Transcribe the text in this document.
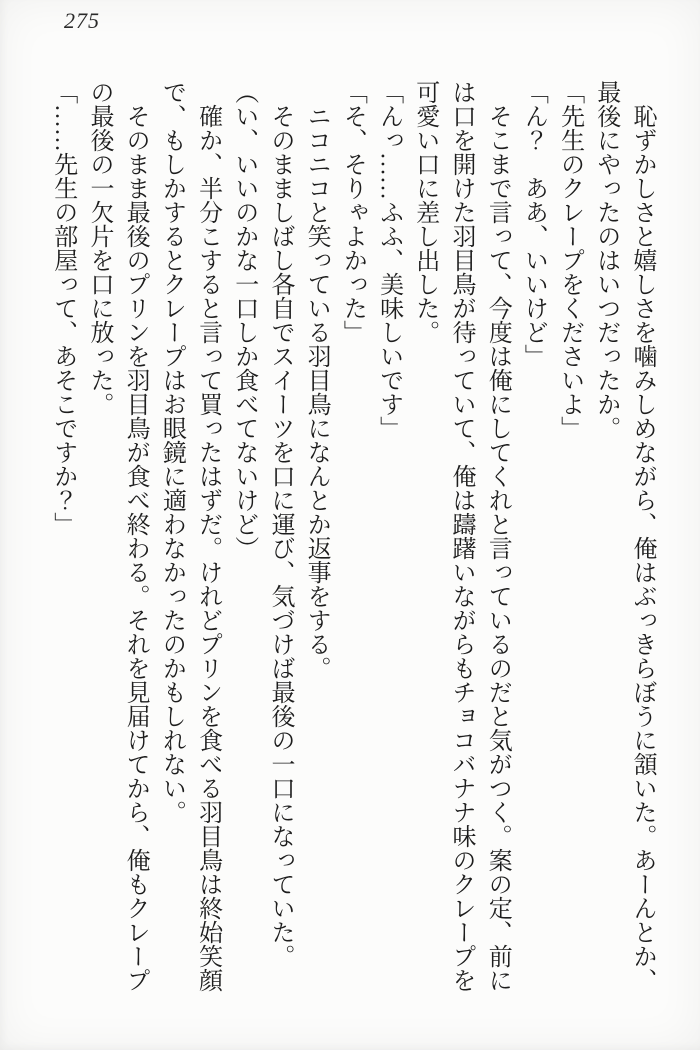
275

恥ずかしさと嬉しさを噛みしめながら、俺はぶっきらぼうに頷いた。あーんとか、最後にやったのはいつだったか。

「先生のクレープをくださいよ」

「ん？　ああ、いいけど」

そこまで言って、今度は俺にしてくれと言っているのだと気がつく。案の定、前には口を開けた羽目鳥が待っていて、俺は躊躇いながらもチョコバナナ味のクレープを可愛い口に差し出した。

「んっ……ふふ、美味しいです」

「そ、そりゃよかった」

ニコニコと笑っている羽目鳥になんとか返事をする。

そのまましばし各自でスイーツを口に運び、気づけば最後の一口になっていた。

（い、いいのかな一口しか食べてないけど）

確か、半分こすると言って買ったはずだ。けれどプリンを食べる羽目鳥は終始笑顔で、もしかするとクレープはお眼鏡に適わなかったのかもしれない。

そのまま最後のプリンを羽目鳥が食べ終わる。それを見届けてから、俺もクレープの最後の一欠片を口に放った。

「……先生の部屋って、あそこですか？」
